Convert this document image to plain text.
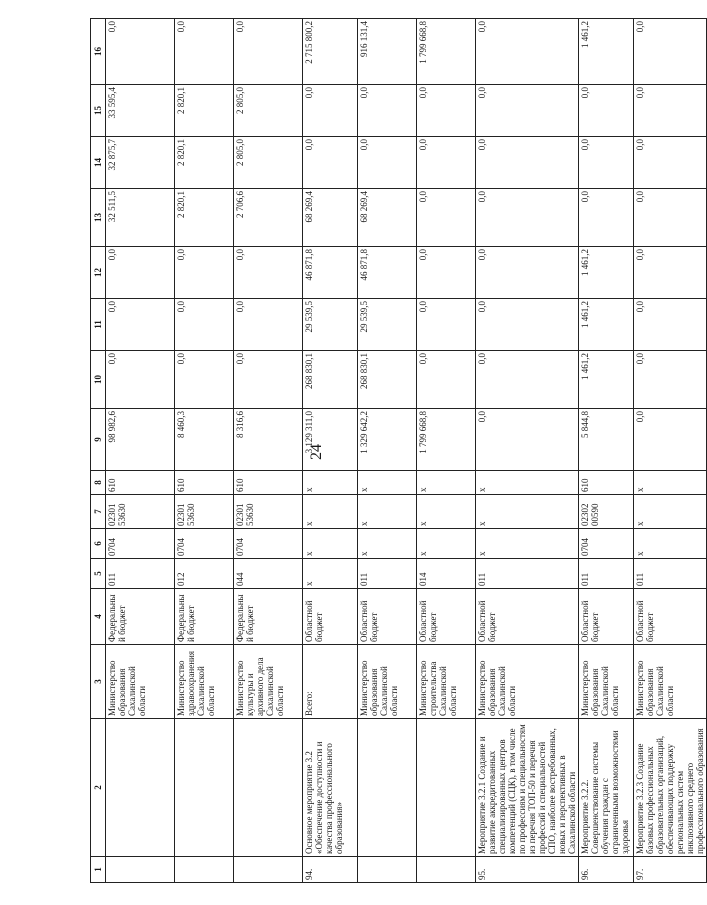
24
1	2	3	4	5	6	7	8	9	10	11	12	13	14	15	16
		Министерство образования Сахалинской области	Федеральный бюджет	011	0704	02301 53630	610	98 982,6	0,0	0,0	0,0	32 511,5	32 875,7	33 595,4	0,0
		Министерство здравоохранения Сахалинской области	Федеральный бюджет	012	0704	02301 53630	610	8 460,3	0,0	0,0	0,0	2 820,1	2 820,1	2 820,1	0,0
		Министерство культуры и архивного дела Сахалинской области	Федеральный бюджет	044	0704	02301 53630	610	8 316,6	0,0	0,0	0,0	2 706,6	2 805,0	2 805,0	0,0
94.	Основное мероприятие 3.2 «Обеспечение доступности и качества профессионального образования»	Всего:	Областной бюджет	х	х	х	х	3 129 311,0	268 830,1	29 539,5	46 871,8	68 269,4	0,0	0,0	2 715 800,2
		Министерство образования Сахалинской области	Областной бюджет	011	х	х	х	1 329 642,2	268 830,1	29 539,5	46 871,8	68 269,4	0,0	0,0	916 131,4
		Министерство строительства Сахалинской области	Областной бюджет	014	х	х	х	1 799 668,8	0,0	0,0	0,0	0,0	0,0	0,0	1 799 668,8
95.	Мероприятие 3.2.1 Создание и развитие аккредитованных специализированных центров компетенций (СЦК), в том числе по профессиям и специальностям из перечня ТОП-50 и перечня профессий и специальностей СПО, наиболее востребованных, новых и перспективных в Сахалинской области	Министерство образования Сахалинской области	Областной бюджет	011	х	х	х	0,0	0,0	0,0	0,0	0,0	0,0	0,0	0,0
96.	Мероприятие 3.2.2. Совершенствование системы обучения граждан с ограниченными возможностями здоровья	Министерство образования Сахалинской области	Областной бюджет	011	0704	02302 00590	610	5 844,8	1 461,2	1 461,2	1 461,2	0,0	0,0	0,0	1 461,2
97.	Мероприятие 3.2.3 Создание базовых профессиональных образовательных организаций, обеспечивающих поддержку региональных систем инклюзивного среднего профессионального образования	Министерство образования Сахалинской области	Областной бюджет	011	х	х	х	0,0	0,0	0,0	0,0	0,0	0,0	0,0	0,0
